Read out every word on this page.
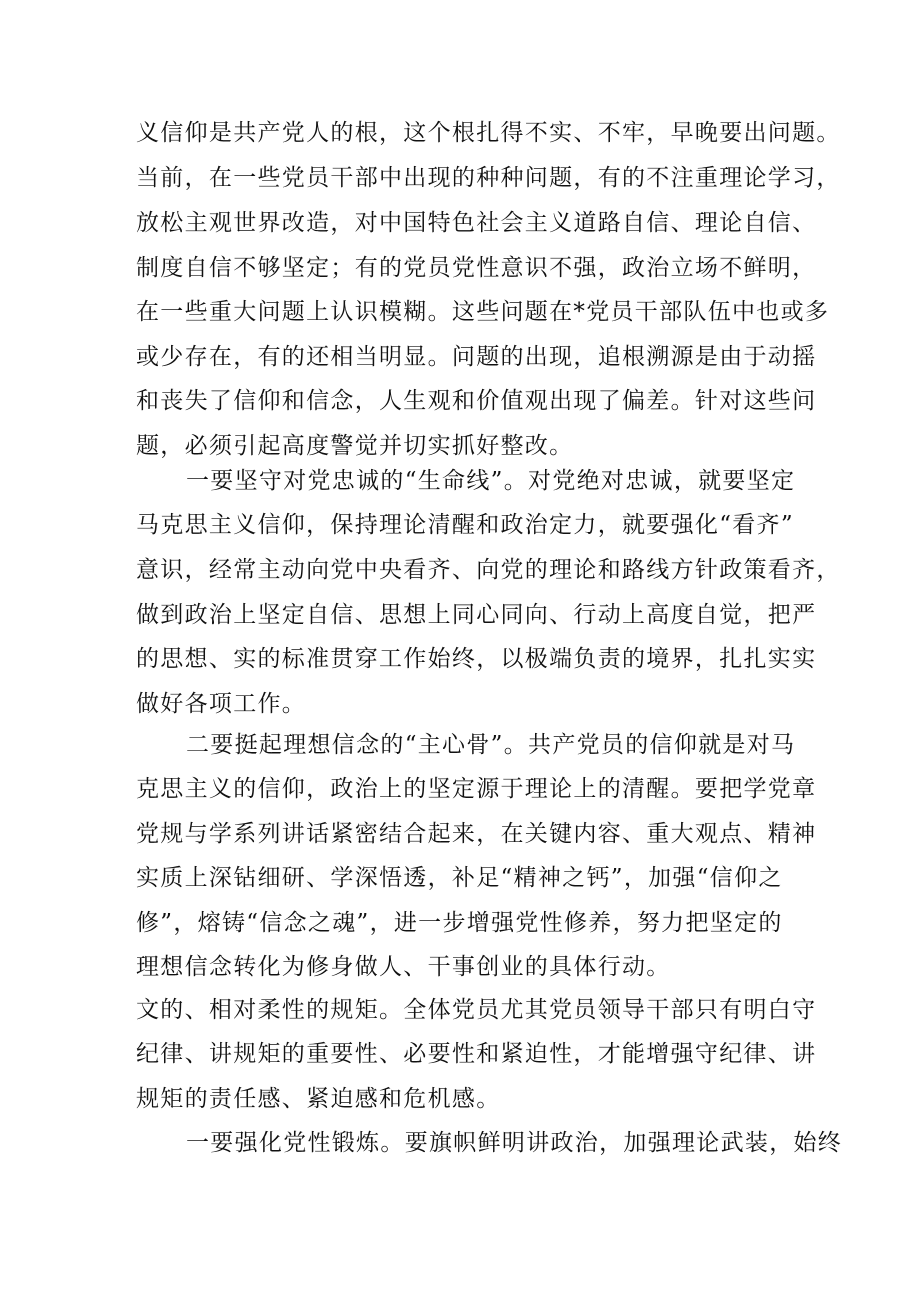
义信仰是共产党人的根，这个根扎得不实、不牢，早晚要出问题。
当前，在一些党员干部中出现的种种问题，有的不注重理论学习，
放松主观世界改造，对中国特色社会主义道路自信、理论自信、
制度自信不够坚定；有的党员党性意识不强，政治立场不鲜明，
在一些重大问题上认识模糊。这些问题在*党员干部队伍中也或多
或少存在，有的还相当明显。问题的出现，追根溯源是由于动摇
和丧失了信仰和信念，人生观和价值观出现了偏差。针对这些问
题，必须引起高度警觉并切实抓好整改。
一要坚守对党忠诚的“生命线”。对党绝对忠诚，就要坚定
马克思主义信仰，保持理论清醒和政治定力，就要强化“看齐”
意识，经常主动向党中央看齐、向党的理论和路线方针政策看齐，
做到政治上坚定自信、思想上同心同向、行动上高度自觉，把严
的思想、实的标准贯穿工作始终，以极端负责的境界，扎扎实实
做好各项工作。
二要挺起理想信念的“主心骨”。共产党员的信仰就是对马
克思主义的信仰，政治上的坚定源于理论上的清醒。要把学党章
党规与学系列讲话紧密结合起来，在关键内容、重大观点、精神
实质上深钻细研、学深悟透，补足“精神之钙”，加强“信仰之
修”，熔铸“信念之魂”，进一步增强党性修养，努力把坚定的
理想信念转化为修身做人、干事创业的具体行动。
文的、相对柔性的规矩。全体党员尤其党员领导干部只有明白守
纪律、讲规矩的重要性、必要性和紧迫性，才能增强守纪律、讲
规矩的责任感、紧迫感和危机感。
一要强化党性锻炼。要旗帜鲜明讲政治，加强理论武装，始终
